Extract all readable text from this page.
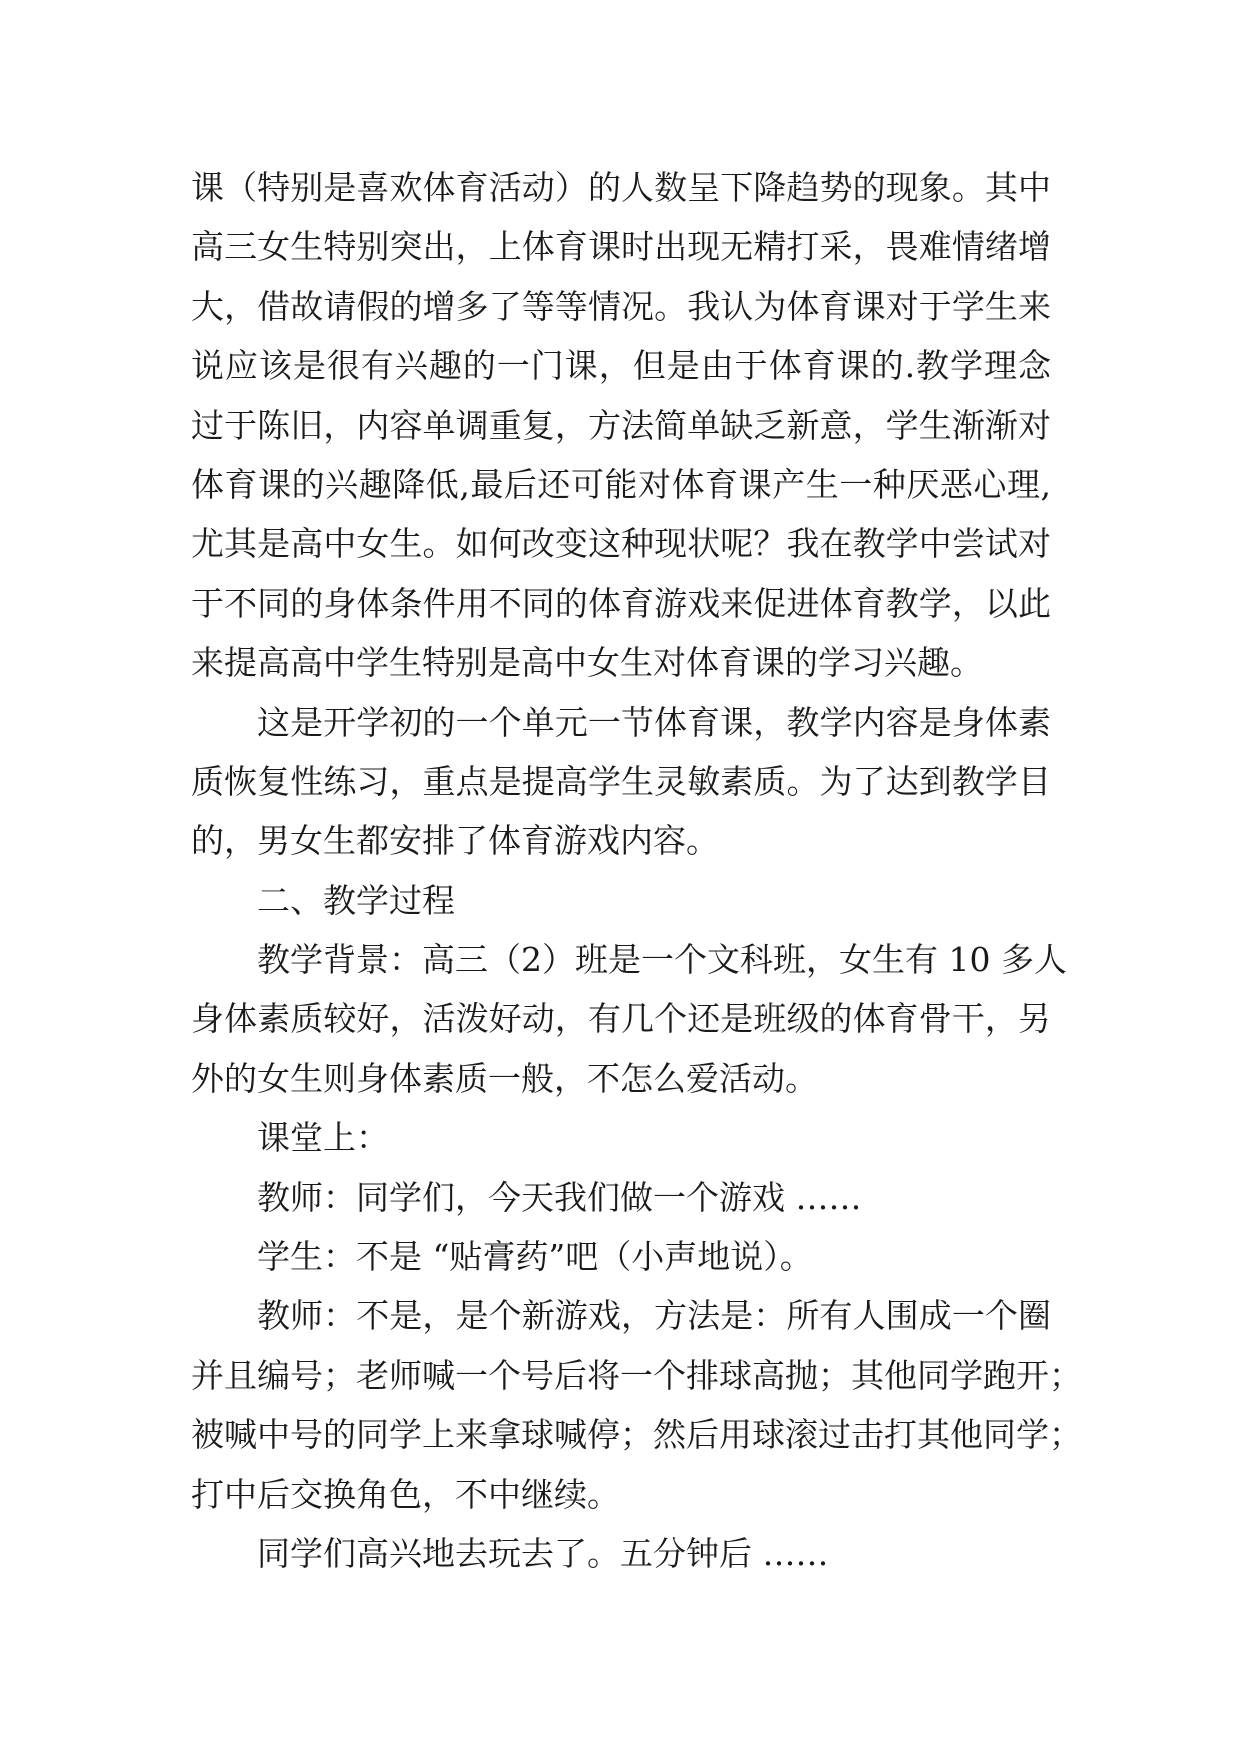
课（特别是喜欢体育活动）的人数呈下降趋势的现象。其中
高三女生特别突出，上体育课时出现无精打采，畏难情绪增
大，借故请假的增多了等等情况。我认为体育课对于学生来
说应该是很有兴趣的一门课，但是由于体育课的.教学理念
过于陈旧，内容单调重复，方法简单缺乏新意，学生渐渐对
体育课的兴趣降低,最后还可能对体育课产生一种厌恶心理,
尤其是高中女生。如何改变这种现状呢？我在教学中尝试对
于不同的身体条件用不同的体育游戏来促进体育教学，以此
来提高高中学生特别是高中女生对体育课的学习兴趣。
这是开学初的一个单元一节体育课，教学内容是身体素
质恢复性练习，重点是提高学生灵敏素质。为了达到教学目
的，男女生都安排了体育游戏内容。
二、教学过程
教学背景：高三（2）班是一个文科班，女生有 10 多人
身体素质较好，活泼好动，有几个还是班级的体育骨干，另
外的女生则身体素质一般，不怎么爱活动。
课堂上：
教师：同学们，今天我们做一个游戏 ……
学生：不是 “贴膏药”吧（小声地说）。
教师：不是，是个新游戏，方法是：所有人围成一个圈
并且编号；老师喊一个号后将一个排球高抛；其他同学跑开；
被喊中号的同学上来拿球喊停；然后用球滚过击打其他同学；
打中后交换角色，不中继续。
同学们高兴地去玩去了。五分钟后 ……
